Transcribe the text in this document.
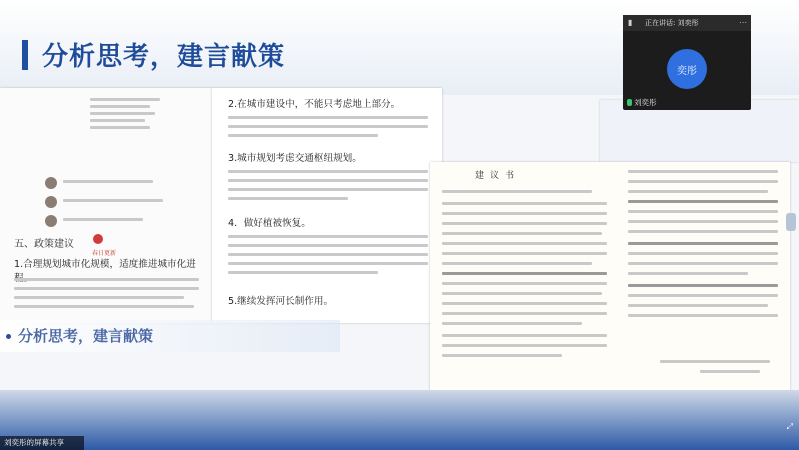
分析思考，建言献策
春日更新
五、政策建议
1.合理规划城市化规模，适度推进城市化进
2.在城市建设中，不能只考虑地上部分。
3.城市规划考虑交通枢纽规划。
4．做好植被恢复。
5.继续发挥河长制作用。
建议书
分析思考，建言献策
▮ 正在讲话: 刘奕彤	⋯
奕彤
刘奕彤
⤢
刘奕彤的屏幕共享
